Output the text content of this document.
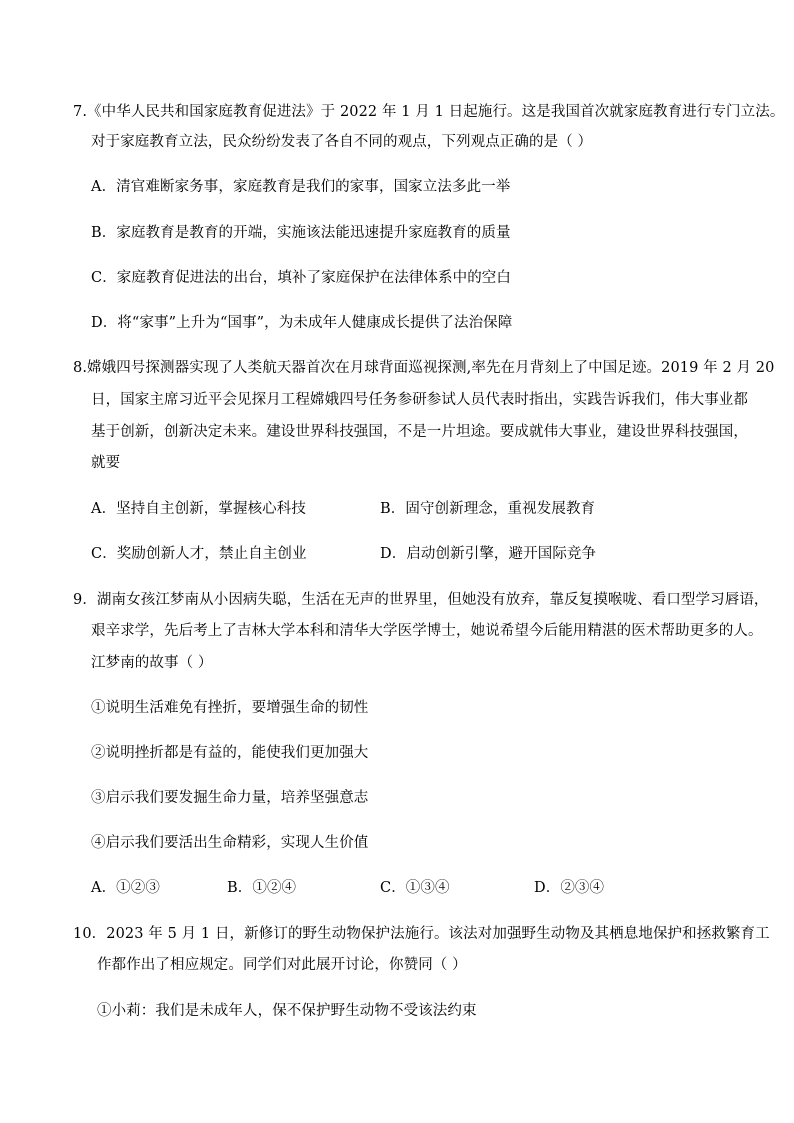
7.《中华人民共和国家庭教育促进法》于 2022 年 1 月 1 日起施行。这是我国首次就家庭教育进行专门立法。
对于家庭教育立法，民众纷纷发表了各自不同的观点，下列观点正确的是（ ）
A．清官难断家务事，家庭教育是我们的家事，国家立法多此一举
B．家庭教育是教育的开端，实施该法能迅速提升家庭教育的质量
C．家庭教育促进法的出台，填补了家庭保护在法律体系中的空白
D．将“家事”上升为“国事”，为未成年人健康成长提供了法治保障
8.嫦娥四号探测器实现了人类航天器首次在月球背面巡视探测,率先在月背刻上了中国足迹。2019 年 2 月 20
日，国家主席习近平会见探月工程嫦娥四号任务参研参试人员代表时指出，实践告诉我们，伟大事业都
基于创新，创新决定未来。建设世界科技强国，不是一片坦途。要成就伟大事业，建设世界科技强国，
就要
A．坚持自主创新，掌握核心科技	B．固守创新理念，重视发展教育
C．奖励创新人才，禁止自主创业	D．启动创新引擎，避开国际竞争
9．湖南女孩江梦南从小因病失聪，生活在无声的世界里，但她没有放弃，靠反复摸喉咙、看口型学习唇语，
艰辛求学，先后考上了吉林大学本科和清华大学医学博士，她说希望今后能用精湛的医术帮助更多的人。
江梦南的故事（ ）
①说明生活难免有挫折，要增强生命的韧性
②说明挫折都是有益的，能使我们更加强大
③启示我们要发掘生命力量，培养坚强意志
④启示我们要活出生命精彩，实现人生价值
A．①②③	B．①②④	C．①③④	D．②③④
10．2023 年 5 月 1 日，新修订的野生动物保护法施行。该法对加强野生动物及其栖息地保护和拯救繁育工
作都作出了相应规定。同学们对此展开讨论，你赞同（ ）
①小莉：我们是未成年人，保不保护野生动物不受该法约束
